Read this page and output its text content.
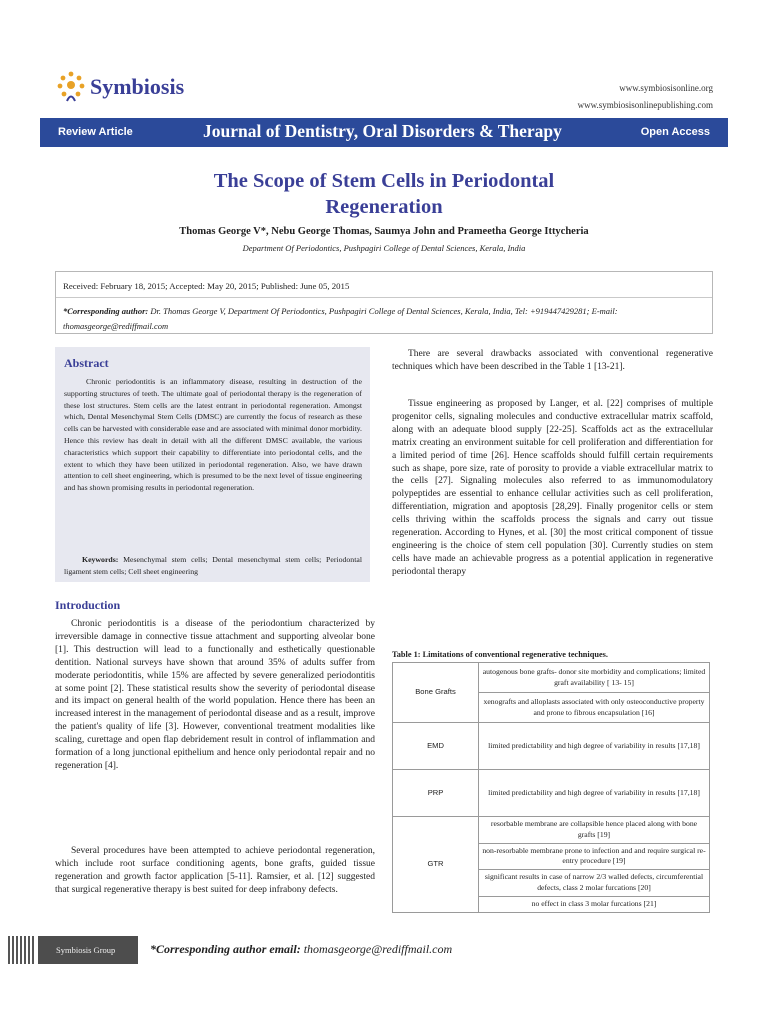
Symbiosis	www.symbiosisonline.org
www.symbiosisonlinepublishing.com
Review Article	Journal of Dentistry, Oral Disorders & Therapy	Open Access
The Scope of Stem Cells in Periodontal
Regeneration
Thomas George V*, Nebu George Thomas, Saumya John and Prameetha George Ittycheria
Department Of Periodontics, Pushpagiri College of Dental Sciences, Kerala, India
Received: February 18, 2015; Accepted: May 20, 2015; Published: June 05, 2015
*Corresponding author: Dr. Thomas George V, Department Of Periodontics, Pushpagiri College of Dental Sciences, Kerala, India, Tel: +919447429281; E-mail: thomasgeorge@rediffmail.com
Abstract
Chronic periodontitis is an inflammatory disease, resulting in destruction of the supporting structures of teeth. The ultimate goal of periodontal therapy is the regeneration of these lost structures. Stem cells are the latest entrant in periodontal regeneration. Amongst which, Dental Mesenchymal Stem Cells (DMSC) are currently the focus of research as these cells can be harvested with considerable ease and are associated with minimal donor morbidity. Hence this review has dealt in detail with all the different DMSC available, the various characteristics which support their capability to differentiate into periodontal cells, and the extent to which they have been utilized in periodontal regeneration. Also, we have drawn attention to cell sheet engineering, which is presumed to be the next level of tissue engineering and has shown promising results in periodontal regeneration.
Keywords: Mesenchymal stem cells; Dental mesenchymal stem cells; Periodontal ligament stem cells; Cell sheet engineering
Introduction

Chronic periodontitis is a disease of the periodontium characterized by irreversible damage in connective tissue attachment and supporting alveolar bone [1]. This destruction will lead to a functionally and esthetically questionable dentition. National surveys have shown that around 35% of adults suffer from moderate periodontitis, while 15% are affected by severe generalized periodontitis at some point [2]. These statistical results show the severity of periodontal disease and its impact on general health of the world population. Hence there has been an increased interest in the management of periodontal disease and as a result, improve the patient's quality of life [3]. However, conventional treatment modalities like scaling, curettage and open flap debridement result in control of inflammation and formation of a long junctional epithelium and hence only periodontal repair and no regeneration [4].

Several procedures have been attempted to achieve periodontal regeneration, which include root surface conditioning agents, bone grafts, guided tissue regeneration and growth factor application [5-11]. Ramsier, et al. [12] suggested that surgical regenerative therapy is best suited for deep infrabony defects.

There are several drawbacks associated with conventional regenerative techniques which have been described in the Table 1 [13-21].

Tissue engineering as proposed by Langer, et al. [22] comprises of multiple progenitor cells, signaling molecules and conductive extracellular matrix scaffold, along with an adequate blood supply [22-25]. Scaffolds act as the extracellular matrix creating an environment suitable for cell proliferation and differentiation for a limited period of time [26]. Hence scaffolds should fulfill certain requirements such as shape, pore size, rate of porosity to provide a viable extracellular matrix to the cells [27]. Signaling molecules also referred to as immunomodulatory polypeptides are essential to enhance cellular activities such as cell proliferation, differentiation, migration and apoptosis [28,29]. Finally progenitor cells or stem cells thriving within the scaffolds process the signals and carry out tissue regeneration. According to Hynes, et al. [30] the most critical component of tissue engineering is the choice of stem cell population [30]. Currently studies on stem cells have made an achievable progress as a potential application in regenerative periodontal therapy

Table 1: Limitations of conventional regenerative techniques.
Bone Grafts	autogenous bone grafts- donor site morbidity and complications; limited graft availability [ 13- 15]
	xenografts and alloplasts associated with only osteoconductive property and prone to fibrous encapsulation [16]
EMD	limited predictability and high degree of variability in results [17,18]
PRP	limited predictability and high degree of variability in results [17,18]
GTR	resorbable membrane are collapsible hence placed along with bone grafts [19]
	non-resorbable membrane prone to infection and and require surgical re- entry procedure [19]
	significant results in case of narrow 2/3 walled defects, circumferential defects, class 2 molar furcations [20]
	no effect in class 3 molar furcations [21]
Symbiosis Group	*Corresponding author email: thomasgeorge@rediffmail.com
